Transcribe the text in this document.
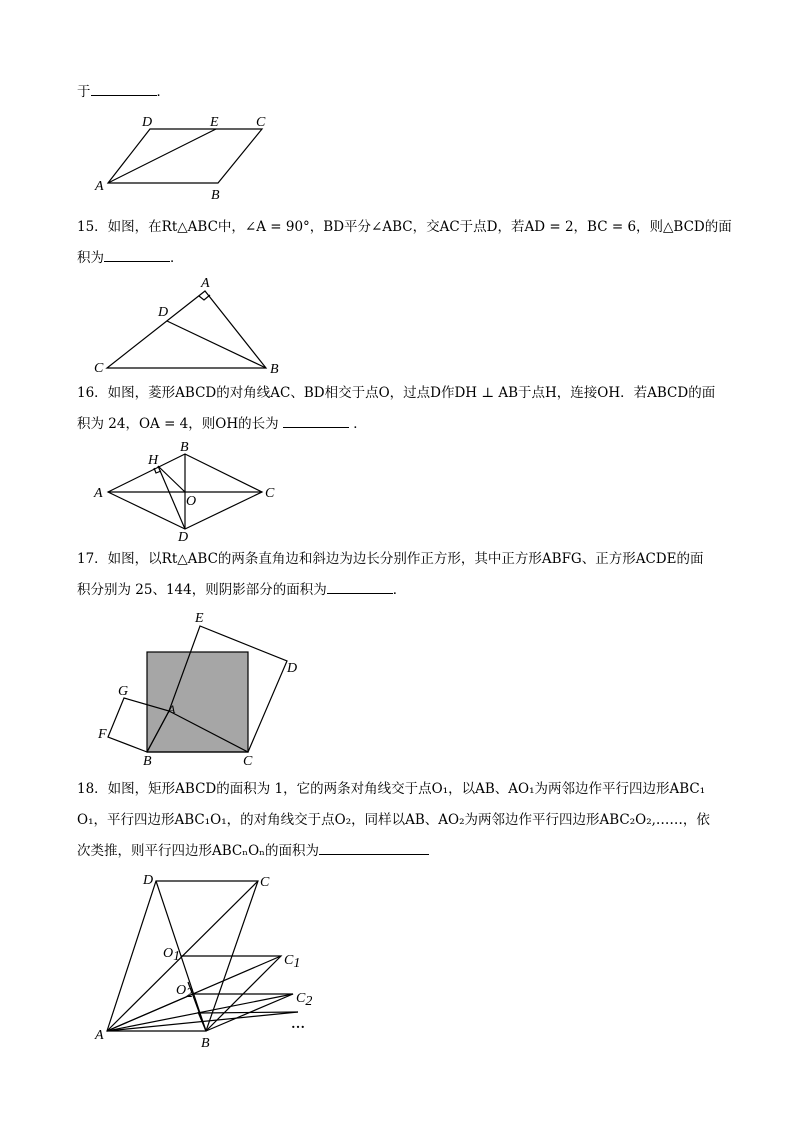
于	．
D	E	C
A
B
15．如图，在Rt△ABC中，∠A = 90°，BD平分∠ABC，交AC于点D，若AD = 2，BC = 6，则△BCD的面
积为	．
A
D
C	B
16．如图，菱形ABCD的对角线AC、BD相交于点O，过点D作DH ⊥ AB于点H，连接OH．若ABCD的面
积为 24，OA = 4，则OH的长为	．
B
H
A
O
C
D
17．如图，以Rt△ABC的两条直角边和斜边为边长分别作正方形，其中正方形ABFG、正方形ACDE的面
积分别为 25、144，则阴影部分的面积为	．
E
D
G
A
F
B	C
18．如图，矩形ABCD的面积为 1，它的两条对角线交于点O₁，以AB、AO₁为两邻边作平行四边形ABC₁
O₁，平行四边形ABC₁O₁，的对角线交于点O₂，同样以AB、AO₂为两邻边作平行四边形ABC₂O₂,……，依
次类推，则平行四边形ABCₙOₙ的面积为
D	C
O1	C1
O2	C2
A
B
…
